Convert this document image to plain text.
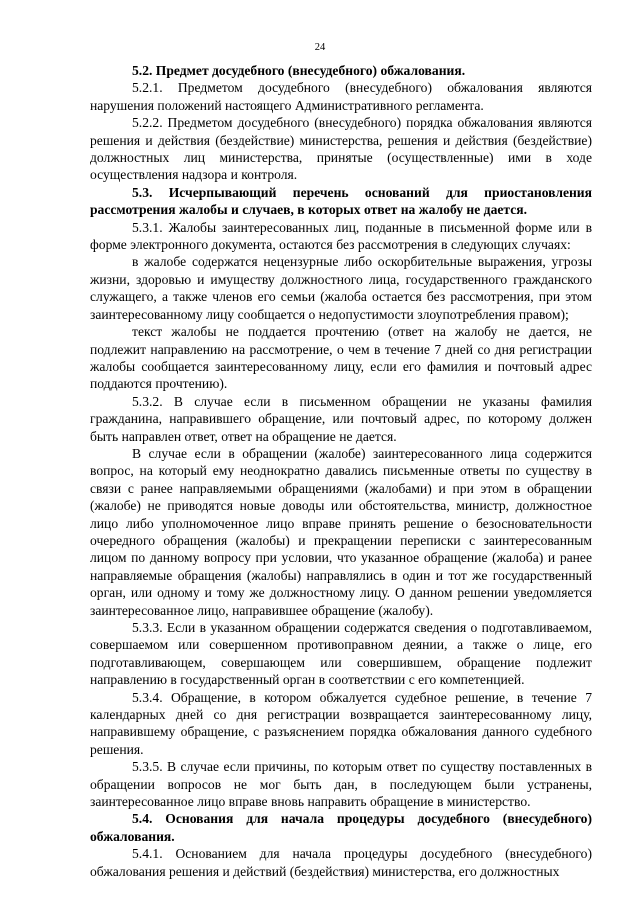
24

5.2. Предмет досудебного (внесудебного) обжалования.

5.2.1. Предметом досудебного (внесудебного) обжалования являются нарушения положений настоящего Административного регламента.

5.2.2. Предметом досудебного (внесудебного) порядка обжалования являются решения и действия (бездействие) министерства, решения и действия (бездействие) должностных лиц министерства, принятые (осуществленные) ими в ходе осуществления надзора и контроля.

5.3. Исчерпывающий перечень оснований для приостановления рассмотрения жалобы и случаев, в которых ответ на жалобу не дается.

5.3.1. Жалобы заинтересованных лиц, поданные в письменной форме или в форме электронного документа, остаются без рассмотрения в следующих случаях:

в жалобе содержатся нецензурные либо оскорбительные выражения, угрозы жизни, здоровью и имуществу должностного лица, государственного гражданского служащего, а также членов его семьи (жалоба остается без рассмотрения, при этом заинтересованному лицу сообщается о недопустимости злоупотребления правом);

текст жалобы не поддается прочтению (ответ на жалобу не дается, не подлежит направлению на рассмотрение, о чем в течение 7 дней со дня регистрации жалобы сообщается заинтересованному лицу, если его фамилия и почтовый адрес поддаются прочтению).

5.3.2. В случае если в письменном обращении не указаны фамилия гражданина, направившего обращение, или почтовый адрес, по которому должен быть направлен ответ, ответ на обращение не дается.

В случае если в обращении (жалобе) заинтересованного лица содержится вопрос, на который ему неоднократно давались письменные ответы по существу в связи с ранее направляемыми обращениями (жалобами) и при этом в обращении (жалобе) не приводятся новые доводы или обстоятельства, министр, должностное лицо либо уполномоченное лицо вправе принять решение о безосновательности очередного обращения (жалобы) и прекращении переписки с заинтересованным лицом по данному вопросу при условии, что указанное обращение (жалоба) и ранее направляемые обращения (жалобы) направлялись в один и тот же государственный орган, или одному и тому же должностному лицу. О данном решении уведомляется заинтересованное лицо, направившее обращение (жалобу).

5.3.3. Если в указанном обращении содержатся сведения о подготавливаемом, совершаемом или совершенном противоправном деянии, а также о лице, его подготавливающем, совершающем или совершившем, обращение подлежит направлению в государственный орган в соответствии с его компетенцией.

5.3.4. Обращение, в котором обжалуется судебное решение, в течение 7 календарных дней со дня регистрации возвращается заинтересованному лицу, направившему обращение, с разъяснением порядка обжалования данного судебного решения.

5.3.5. В случае если причины, по которым ответ по существу поставленных в обращении вопросов не мог быть дан, в последующем были устранены, заинтересованное лицо вправе вновь направить обращение в министерство.

5.4. Основания для начала процедуры досудебного (внесудебного) обжалования.

5.4.1. Основанием для начала процедуры досудебного (внесудебного) обжалования решения и действий (бездействия) министерства, его должностных
